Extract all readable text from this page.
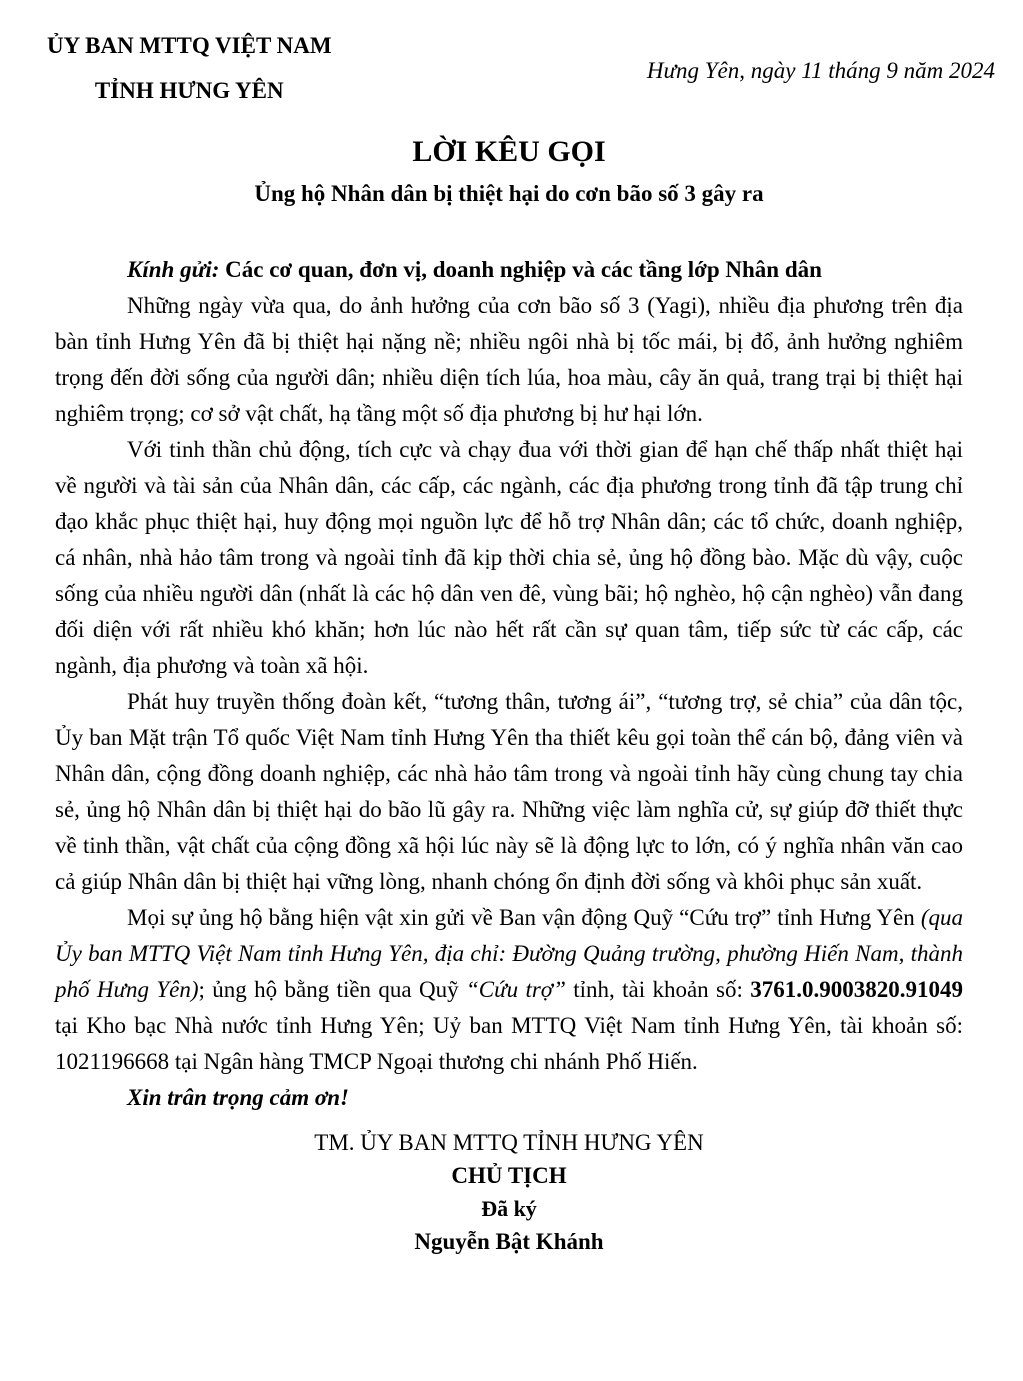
ỦY BAN MTTQ VIỆT NAM
TỈNH HƯNG YÊN
Hưng Yên, ngày 11 tháng 9 năm 2024
LỜI KÊU GỌI
Ủng hộ Nhân dân bị thiệt hại do cơn bão số 3 gây ra

Kính gửi: Các cơ quan, đơn vị, doanh nghiệp và các tầng lớp Nhân dân

Những ngày vừa qua, do ảnh hưởng của cơn bão số 3 (Yagi), nhiều địa phương trên địa bàn tỉnh Hưng Yên đã bị thiệt hại nặng nề; nhiều ngôi nhà bị tốc mái, bị đổ, ảnh hưởng nghiêm trọng đến đời sống của người dân; nhiều diện tích lúa, hoa màu, cây ăn quả, trang trại bị thiệt hại nghiêm trọng; cơ sở vật chất, hạ tầng một số địa phương bị hư hại lớn.

Với tinh thần chủ động, tích cực và chạy đua với thời gian để hạn chế thấp nhất thiệt hại về người và tài sản của Nhân dân, các cấp, các ngành, các địa phương trong tỉnh đã tập trung chỉ đạo khắc phục thiệt hại, huy động mọi nguồn lực để hỗ trợ Nhân dân; các tổ chức, doanh nghiệp, cá nhân, nhà hảo tâm trong và ngoài tỉnh đã kịp thời chia sẻ, ủng hộ đồng bào. Mặc dù vậy, cuộc sống của nhiều người dân (nhất là các hộ dân ven đê, vùng bãi; hộ nghèo, hộ cận nghèo) vẫn đang đối diện với rất nhiều khó khăn; hơn lúc nào hết rất cần sự quan tâm, tiếp sức từ các cấp, các ngành, địa phương và toàn xã hội.

Phát huy truyền thống đoàn kết, “tương thân, tương ái”, “tương trợ, sẻ chia” của dân tộc, Ủy ban Mặt trận Tổ quốc Việt Nam tỉnh Hưng Yên tha thiết kêu gọi toàn thể cán bộ, đảng viên và Nhân dân, cộng đồng doanh nghiệp, các nhà hảo tâm trong và ngoài tỉnh hãy cùng chung tay chia sẻ, ủng hộ Nhân dân bị thiệt hại do bão lũ gây ra. Những việc làm nghĩa cử, sự giúp đỡ thiết thực về tinh thần, vật chất của cộng đồng xã hội lúc này sẽ là động lực to lớn, có ý nghĩa nhân văn cao cả giúp Nhân dân bị thiệt hại vững lòng, nhanh chóng ổn định đời sống và khôi phục sản xuất.

Mọi sự ủng hộ bằng hiện vật xin gửi về Ban vận động Quỹ “Cứu trợ” tỉnh Hưng Yên (qua Ủy ban MTTQ Việt Nam tỉnh Hưng Yên, địa chỉ: Đường Quảng trường, phường Hiến Nam, thành phố Hưng Yên); ủng hộ bằng tiền qua Quỹ “Cứu trợ” tỉnh, tài khoản số: 3761.0.9003820.91049 tại Kho bạc Nhà nước tỉnh Hưng Yên; Uỷ ban MTTQ Việt Nam tỉnh Hưng Yên, tài khoản số: 1021196668 tại Ngân hàng TMCP Ngoại thương chi nhánh Phố Hiến.

Xin trân trọng cảm ơn!

TM. ỦY BAN MTTQ TỈNH HƯNG YÊN
CHỦ TỊCH
Đã ký
Nguyễn Bật Khánh
